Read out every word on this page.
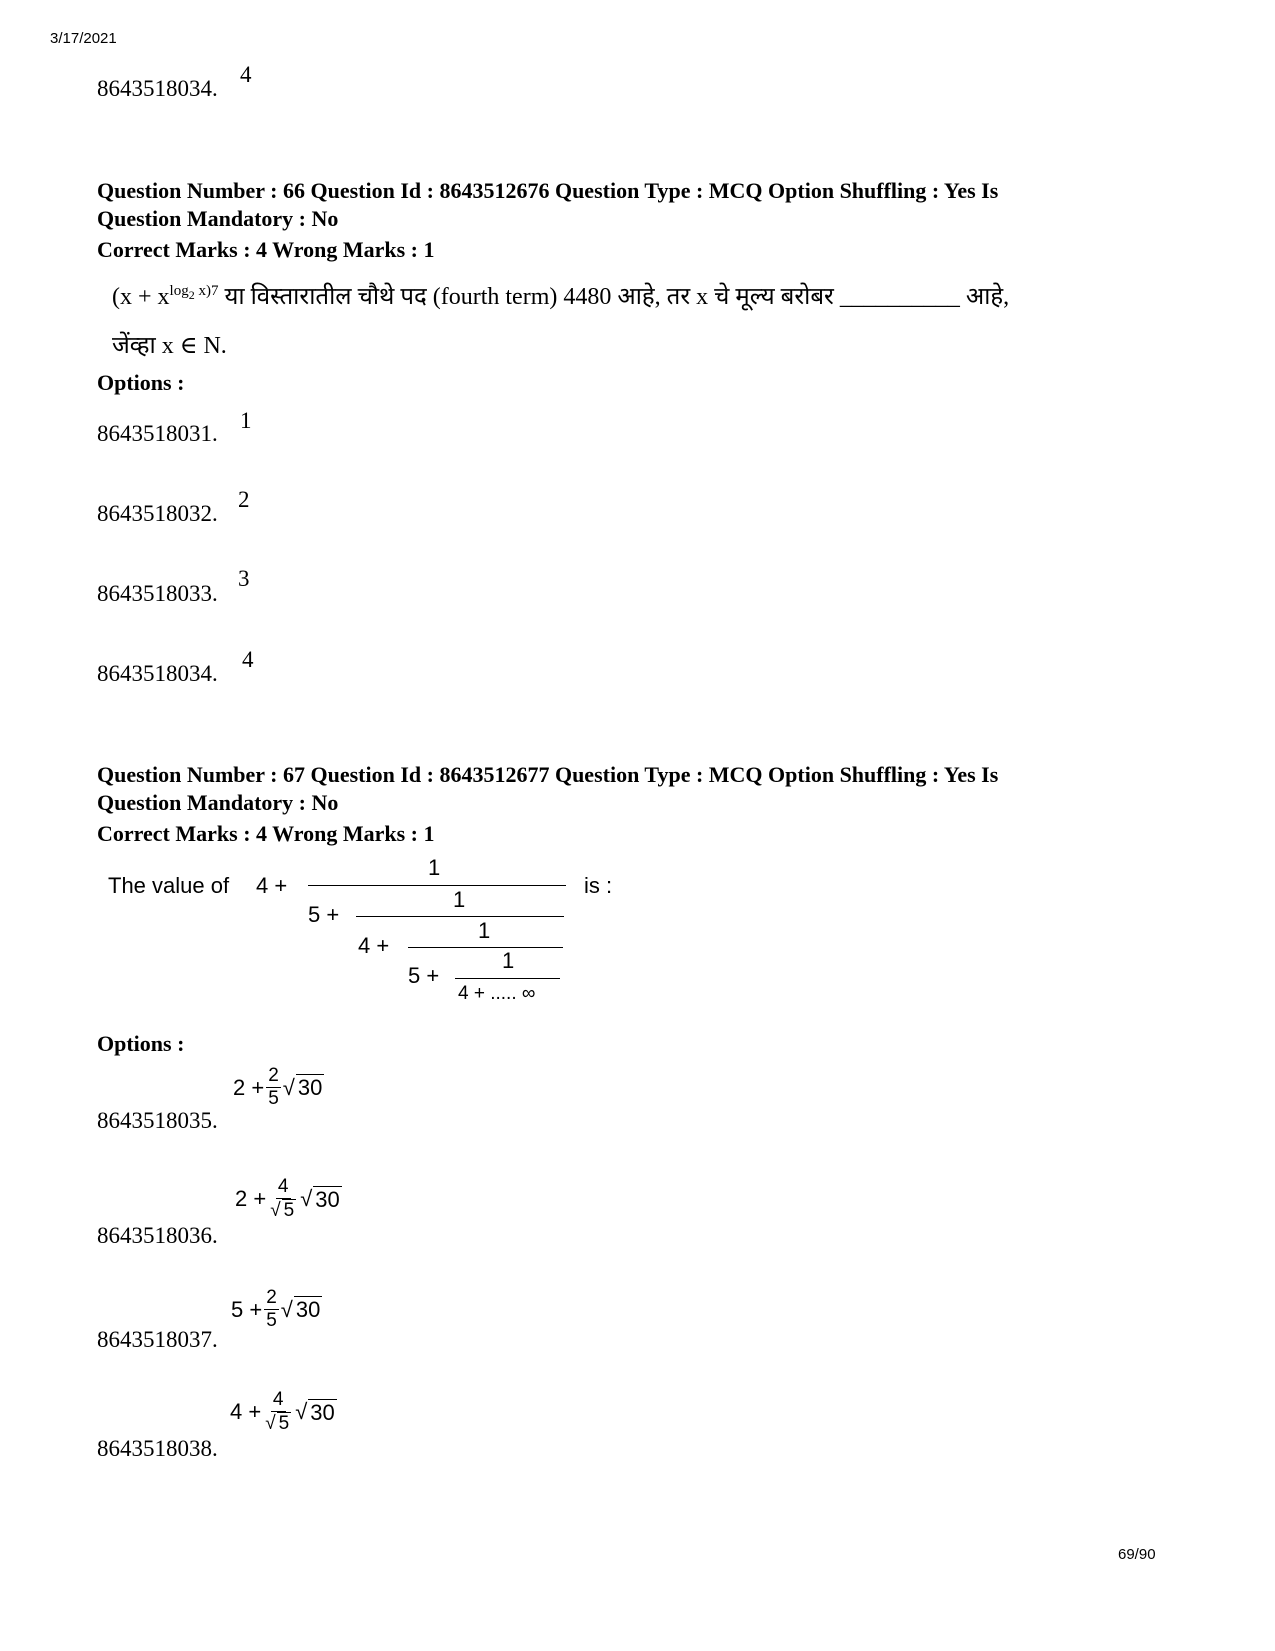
3/17/2021
69/90
8643518034.
4
Question Number : 66 Question Id : 8643512676 Question Type : MCQ Option Shuffling : Yes Is
Question Mandatory : No
Correct Marks : 4 Wrong Marks : 1
($x + x^{log_2 x)7}$ या विस्तारातील चौथे पद (fourth term) 4480 आहे, तर x चे मूल्य बरोबर __________ आहे,
जेंव्हा x ∈ N.
Options :
8643518031.
1
8643518032.
2
8643518033.
3
8643518034.
4
Question Number : 67 Question Id : 8643512677 Question Type : MCQ Option Shuffling : Yes Is
Question Mandatory : No
Correct Marks : 4 Wrong Marks : 1
The value of 4 +
1
5 +
1
4 +
1
5 +
1
4 + ..... ∞
is :
Options :
$2 + \frac{2}{5}$ √ 30
8643518035.
$2 + \frac{4}{√ 5}$ √ 30
8643518036.
$5 + \frac{2}{5}$ √ 30
8643518037.
$4 + \frac{4}{√ 5}$ √ 30
8643518038.
